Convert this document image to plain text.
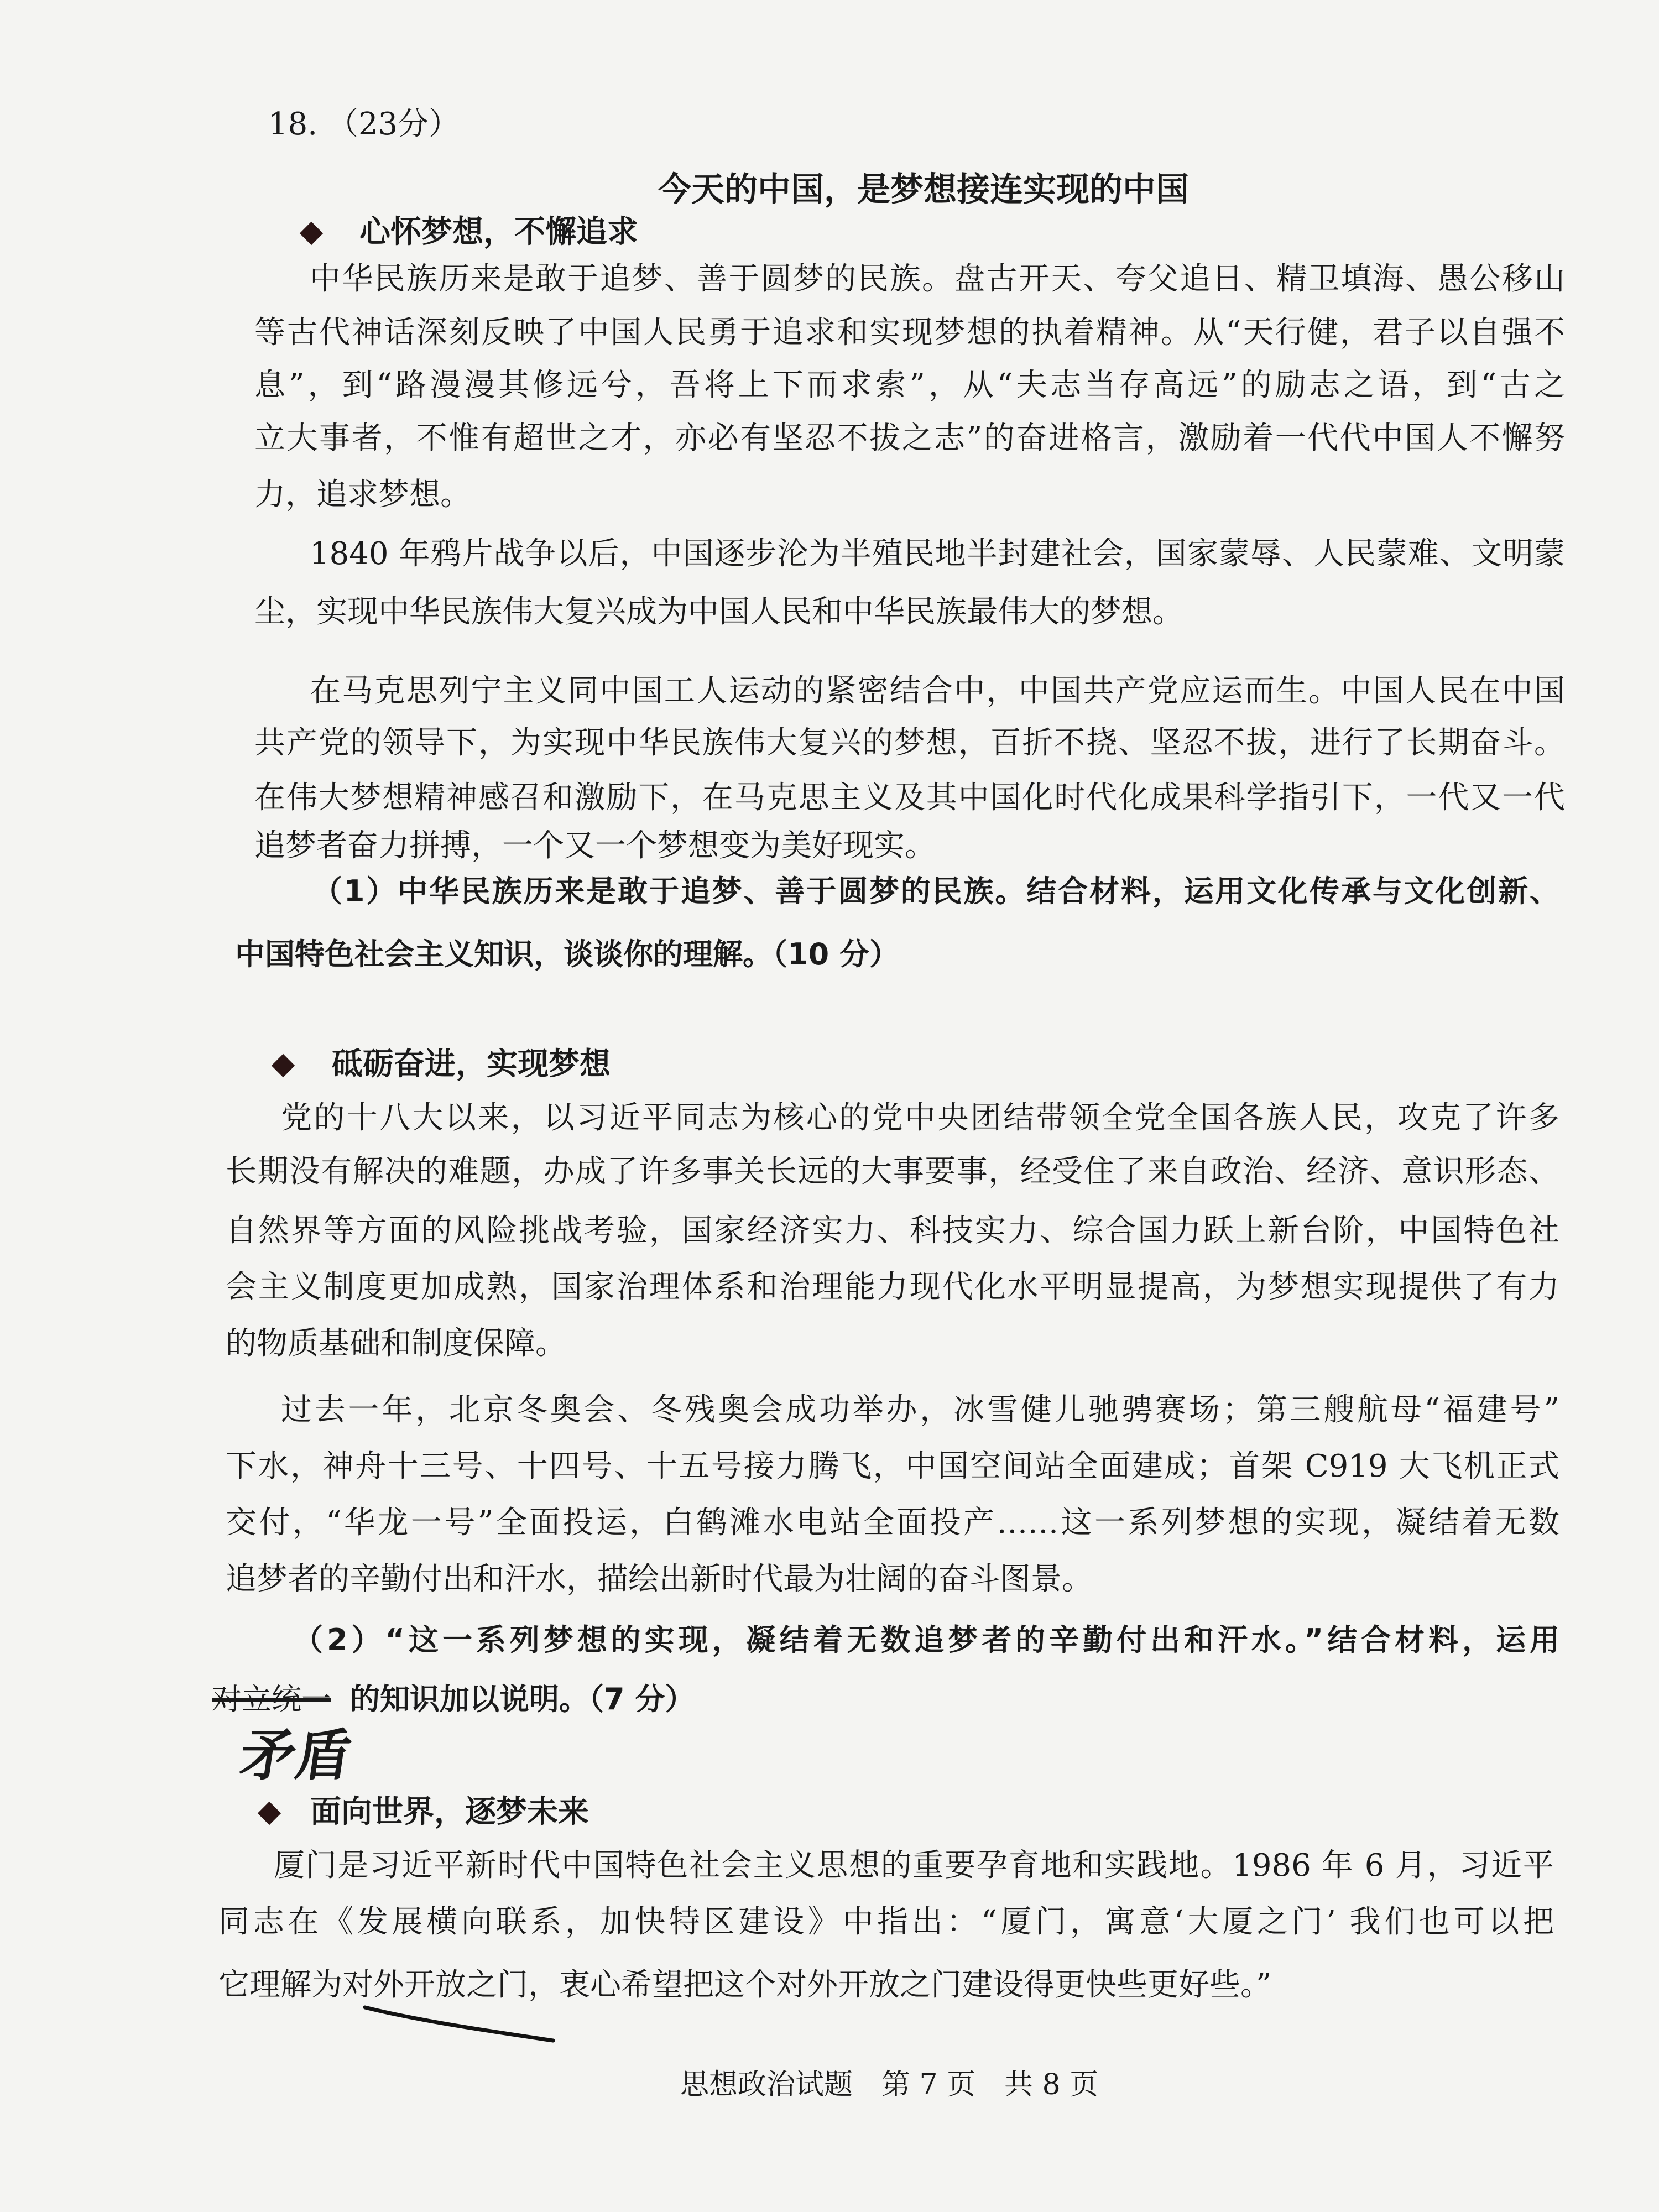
18. （23分）
今天的中国，是梦想接连实现的中国
心怀梦想，不懈追求
中华民族历来是敢于追梦、善于圆梦的民族。盘古开天、夸父追日、精卫填海、愚公移山
等古代神话深刻反映了中国人民勇于追求和实现梦想的执着精神。从“天行健，君子以自强不
息”，到“路漫漫其修远兮，吾将上下而求索”，从“夫志当存高远”的励志之语，到“古之
立大事者，不惟有超世之才，亦必有坚忍不拔之志”的奋进格言，激励着一代代中国人不懈努
力，追求梦想。
1840 年鸦片战争以后，中国逐步沦为半殖民地半封建社会，国家蒙辱、人民蒙难、文明蒙
尘，实现中华民族伟大复兴成为中国人民和中华民族最伟大的梦想。
在马克思列宁主义同中国工人运动的紧密结合中，中国共产党应运而生。中国人民在中国
共产党的领导下，为实现中华民族伟大复兴的梦想，百折不挠、坚忍不拔，进行了长期奋斗。
在伟大梦想精神感召和激励下，在马克思主义及其中国化时代化成果科学指引下，一代又一代
追梦者奋力拼搏，一个又一个梦想变为美好现实。
（1）中华民族历来是敢于追梦、善于圆梦的民族。结合材料，运用文化传承与文化创新、
中国特色社会主义知识，谈谈你的理解。（10 分）
砥砺奋进，实现梦想
党的十八大以来，以习近平同志为核心的党中央团结带领全党全国各族人民，攻克了许多
长期没有解决的难题，办成了许多事关长远的大事要事，经受住了来自政治、经济、意识形态、
自然界等方面的风险挑战考验，国家经济实力、科技实力、综合国力跃上新台阶，中国特色社
会主义制度更加成熟，国家治理体系和治理能力现代化水平明显提高，为梦想实现提供了有力
的物质基础和制度保障。
过去一年，北京冬奥会、冬残奥会成功举办，冰雪健儿驰骋赛场；第三艘航母“福建号”
下水，神舟十三号、十四号、十五号接力腾飞，中国空间站全面建成；首架 C919 大飞机正式
交付，“华龙一号”全面投运，白鹤滩水电站全面投产……这一系列梦想的实现，凝结着无数
追梦者的辛勤付出和汗水，描绘出新时代最为壮阔的奋斗图景。
（2）“这一系列梦想的实现，凝结着无数追梦者的辛勤付出和汗水。”结合材料，运用
对立统一 的知识加以说明。（7 分）
矛盾
面向世界，逐梦未来
厦门是习近平新时代中国特色社会主义思想的重要孕育地和实践地。1986 年 6 月，习近平
同志在《发展横向联系，加快特区建设》中指出：“厦门，寓意‘大厦之门’ 我们也可以把
它理解为对外开放之门，衷心希望把这个对外开放之门建设得更快些更好些。”
思想政治试题　第 7 页　共 8 页
